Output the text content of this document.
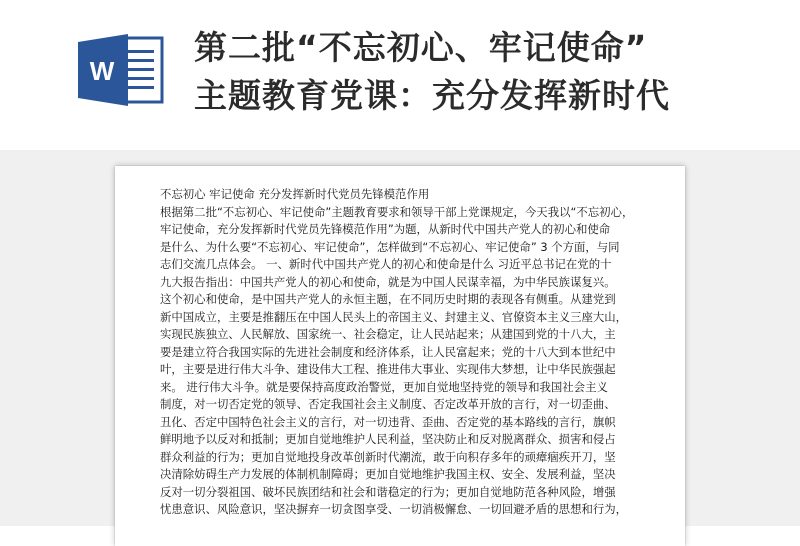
W
第二批“不忘初心、牢记使命”
主题教育党课：充分发挥新时代
不忘初心 牢记使命 充分发挥新时代党员先锋模范作用
根据第二批“不忘初心、牢记使命”主题教育要求和领导干部上党课规定，今天我以“不忘初心，
牢记使命，充分发挥新时代党员先锋模范作用”为题，从新时代中国共产党人的初心和使命
是什么、为什么要“不忘初心、牢记使命”，怎样做到“不忘初心、牢记使命” 3 个方面，与同
志们交流几点体会。 一、新时代中国共产党人的初心和使命是什么 习近平总书记在党的十
九大报告指出：中国共产党人的初心和使命，就是为中国人民谋幸福，为中华民族谋复兴。
这个初心和使命，是中国共产党人的永恒主题，在不同历史时期的表现各有侧重。从建党到
新中国成立，主要是推翻压在中国人民头上的帝国主义、封建主义、官僚资本主义三座大山，
实现民族独立、人民解放、国家统一、社会稳定，让人民站起来；从建国到党的十八大，主
要是建立符合我国实际的先进社会制度和经济体系，让人民富起来；党的十八大到本世纪中
叶，主要是进行伟大斗争、建设伟大工程、推进伟大事业、实现伟大梦想，让中华民族强起
来。 进行伟大斗争。就是要保持高度政治警觉，更加自觉地坚持党的领导和我国社会主义
制度，对一切否定党的领导、否定我国社会主义制度、否定改革开放的言行，对一切歪曲、
丑化、否定中国特色社会主义的言行，对一切违背、歪曲、否定党的基本路线的言行，旗帜
鲜明地予以反对和抵制；更加自觉地维护人民利益，坚决防止和反对脱离群众、损害和侵占
群众利益的行为；更加自觉地投身改革创新时代潮流，敢于向积存多年的顽瘴痼疾开刀，坚
决清除妨碍生产力发展的体制机制障碍；更加自觉地维护我国主权、安全、发展利益，坚决
反对一切分裂祖国、破坏民族团结和社会和谐稳定的行为；更加自觉地防范各种风险，增强
忧患意识、风险意识，坚决摒弃一切贪图享受、一切消极懈怠、一切回避矛盾的思想和行为，
